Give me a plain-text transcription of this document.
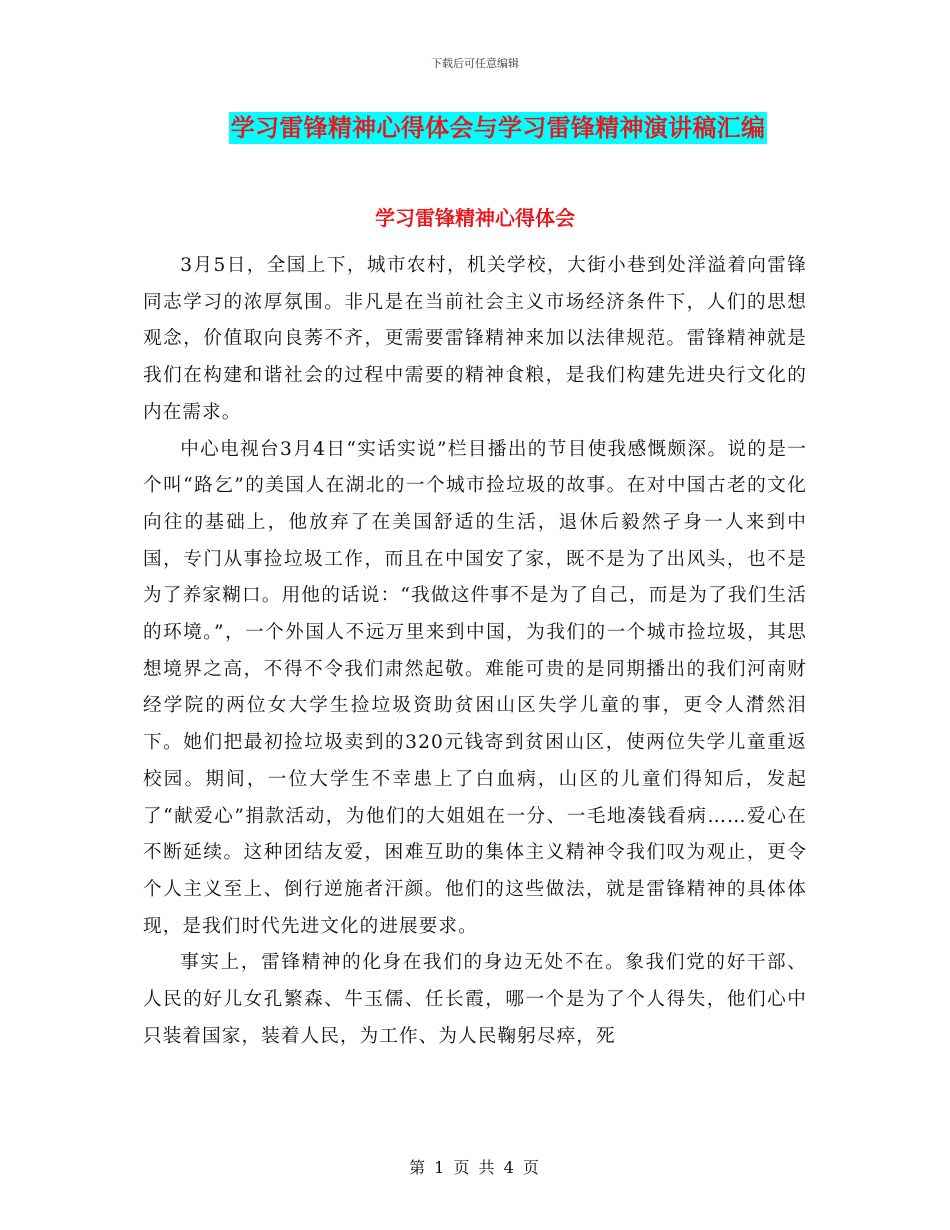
下载后可任意编辑
学习雷锋精神心得体会与学习雷锋精神演讲稿汇编
学习雷锋精神心得体会

3月5日，全国上下，城市农村，机关学校，大街小巷到处洋溢着向雷锋同志学习的浓厚氛围。非凡是在当前社会主义市场经济条件下，人们的思想观念，价值取向良莠不齐，更需要雷锋精神来加以法律规范。雷锋精神就是我们在构建和谐社会的过程中需要的精神食粮，是我们构建先进央行文化的内在需求。

中心电视台3月4日“实话实说”栏目播出的节目使我感慨颇深。说的是一个叫“路乞”的美国人在湖北的一个城市捡垃圾的故事。在对中国古老的文化向往的基础上，他放弃了在美国舒适的生活，退休后毅然孑身一人来到中国，专门从事捡垃圾工作，而且在中国安了家，既不是为了出风头，也不是为了养家糊口。用他的话说：“我做这件事不是为了自己，而是为了我们生活的环境。”，一个外国人不远万里来到中国，为我们的一个城市捡垃圾，其思想境界之高，不得不令我们肃然起敬。难能可贵的是同期播出的我们河南财经学院的两位女大学生捡垃圾资助贫困山区失学儿童的事，更令人潸然泪下。她们把最初捡垃圾卖到的320元钱寄到贫困山区，使两位失学儿童重返校园。期间，一位大学生不幸患上了白血病，山区的儿童们得知后，发起了“献爱心”捐款活动，为他们的大姐姐在一分、一毛地凑钱看病……爱心在不断延续。这种团结友爱，困难互助的集体主义精神令我们叹为观止，更令个人主义至上、倒行逆施者汗颜。他们的这些做法，就是雷锋精神的具体体现，是我们时代先进文化的进展要求。

事实上，雷锋精神的化身在我们的身边无处不在。象我们党的好干部、人民的好儿女孔繁森、牛玉儒、任长霞，哪一个是为了个人得失，他们心中只装着国家，装着人民，为工作、为人民鞠躬尽瘁，死

第 1 页 共 4 页
